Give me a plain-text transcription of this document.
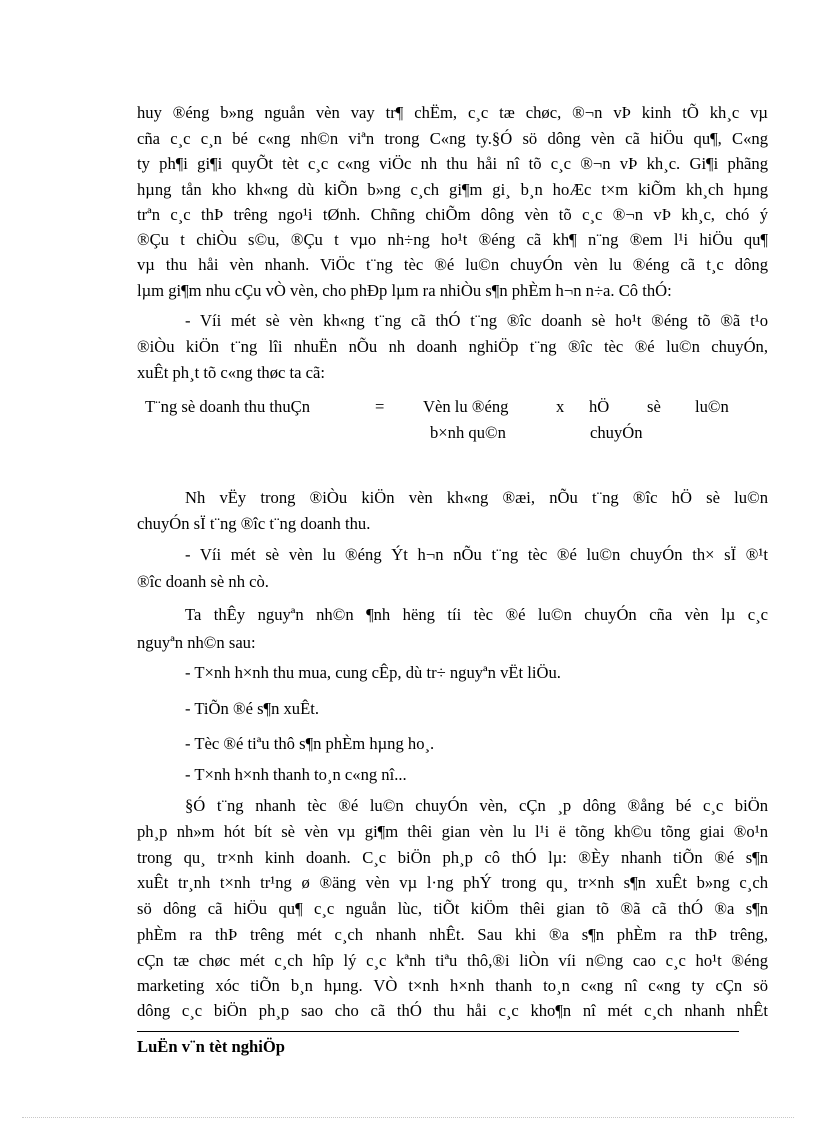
huy ®éng b»ng nguån vèn vay tr¶ chËm, c¸c tæ chøc, ®¬n vÞ kinh tÕ kh¸c vµ
cña c¸c c¸n bé c«ng nh©n viªn trong C«ng ty.§Ó sö dông vèn cã hiÖu qu¶, C«ng
ty ph¶i gi¶i quyÕt tèt c¸c c«ng viÖc nh thu håi nî tõ c¸c ®¬n vÞ kh¸c. Gi¶i phãng
hµng tån kho kh«ng dù kiÕn b»ng c¸ch gi¶m gi¸ b¸n hoÆc t×m kiÕm kh¸ch hµng
trªn c¸c thÞ trêng ngo¹i tØnh. Chñng chiÕm dông vèn tõ c¸c ®¬n vÞ kh¸c, chó ý
®Çu t chiÒu s©u, ®Çu t vµo nh÷ng ho¹t ®éng cã kh¶ n¨ng ®em l¹i hiÖu qu¶
vµ thu håi vèn nhanh. ViÖc t¨ng tèc ®é lu©n chuyÓn vèn lu ®éng cã t¸c dông
lµm gi¶m nhu cÇu vÒ vèn, cho phÐp lµm ra nhiÒu s¶n phÈm h¬n n÷a. Cô thÓ:
- Víi mét sè vèn kh«ng t¨ng cã thÓ t¨ng ®îc doanh sè ho¹t ®éng tõ ®ã t¹o
®iÒu kiÖn t¨ng lîi nhuËn nÕu nh doanh nghiÖp t¨ng ®îc tèc ®é lu©n chuyÓn,
xuÊt ph¸t tõ c«ng thøc ta cã:
T¨ng sè doanh thu thuÇn	= Vèn lu ®éng
b×nh qu©n
x hÖ sè lu©n
chuyÓn
Nh vËy trong ®iÒu kiÖn vèn kh«ng ®æi, nÕu t¨ng ®îc hÖ sè lu©n
chuyÓn sÏ t¨ng ®îc t¨ng doanh thu.
- Víi mét sè vèn lu ®éng Ýt h¬n nÕu t¨ng tèc ®é lu©n chuyÓn th× sÏ ®¹t
®îc doanh sè nh cò.
Ta thÊy nguyªn nh©n ¶nh hëng tíi tèc ®é lu©n chuyÓn cña vèn lµ c¸c
nguyªn nh©n sau:
- T×nh h×nh thu mua, cung cÊp, dù tr÷ nguyªn vËt liÖu.
- TiÕn ®é s¶n xuÊt.
- Tèc ®é tiªu thô s¶n phÈm hµng ho¸.
- T×nh h×nh thanh to¸n c«ng nî...
§Ó t¨ng nhanh tèc ®é lu©n chuyÓn vèn, cÇn ¸p dông ®ång bé c¸c biÖn
ph¸p nh»m hót bít sè vèn vµ gi¶m thêi gian vèn lu l¹i ë tõng kh©u tõng giai ®o¹n
trong qu¸ tr×nh kinh doanh. C¸c biÖn ph¸p cô thÓ lµ: ®Èy nhanh tiÕn ®é s¶n
xuÊt tr¸nh t×nh tr¹ng ø ®äng vèn vµ l·ng phÝ trong qu¸ tr×nh s¶n xuÊt b»ng c¸ch
sö dông cã hiÖu qu¶ c¸c nguån lùc, tiÕt kiÖm thêi gian tõ ®ã cã thÓ ®a s¶n
phÈm ra thÞ trêng mét c¸ch nhanh nhÊt. Sau khi ®a s¶n phÈm ra thÞ trêng,
cÇn tæ chøc mét c¸ch hîp lý c¸c kªnh tiªu thô,®i liÒn víi n©ng cao c¸c ho¹t ®éng
marketing xóc tiÕn b¸n hµng. VÒ t×nh h×nh thanh to¸n c«ng nî c«ng ty cÇn sö
dông c¸c biÖn ph¸p sao cho cã thÓ thu håi c¸c kho¶n nî mét c¸ch nhanh nhÊt
LuËn v¨n tèt nghiÖp
